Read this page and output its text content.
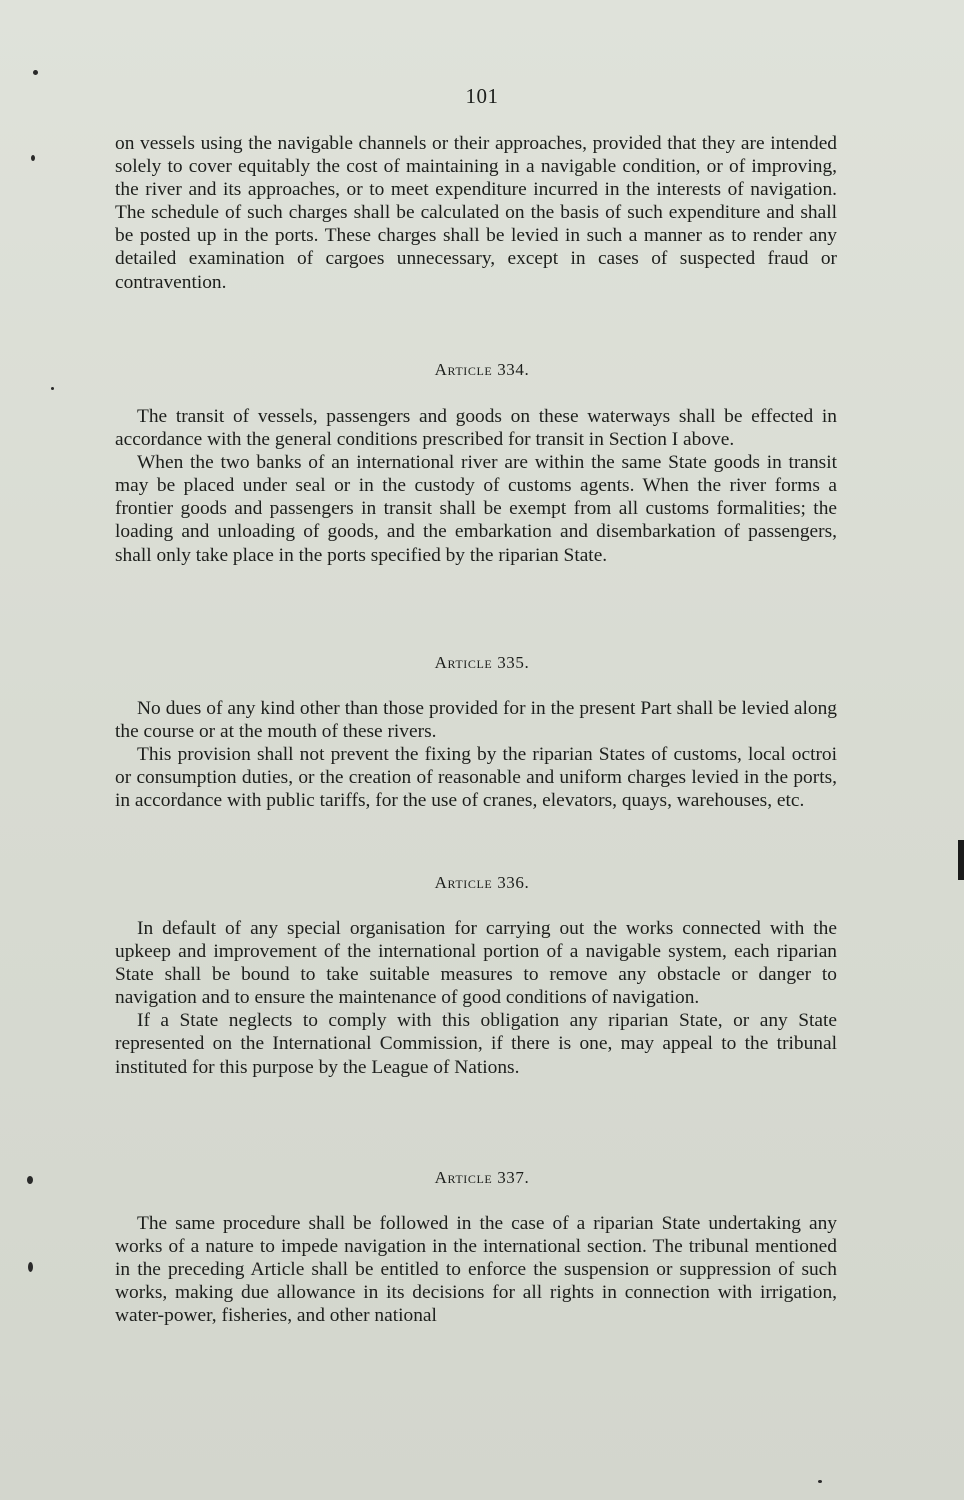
101

on vessels using the navigable channels or their approaches, provided that they are intended solely to cover equitably the cost of maintaining in a navigable condition, or of improving, the river and its approaches, or to meet expenditure incurred in the interests of navigation. The schedule of such charges shall be calculated on the basis of such expenditure and shall be posted up in the ports. These charges shall be levied in such a manner as to render any detailed examination of cargoes unnecessary, except in cases of suspected fraud or contravention.

Article 334.

The transit of vessels, passengers and goods on these waterways shall be effected in accordance with the general conditions prescribed for transit in Section I above.

When the two banks of an international river are within the same State goods in transit may be placed under seal or in the custody of customs agents. When the river forms a frontier goods and passengers in transit shall be exempt from all customs formalities; the loading and unloading of goods, and the embarkation and disembarkation of passengers, shall only take place in the ports specified by the riparian State.

Article 335.

No dues of any kind other than those provided for in the present Part shall be levied along the course or at the mouth of these rivers.

This provision shall not prevent the fixing by the riparian States of customs, local octroi or consumption duties, or the creation of reasonable and uniform charges levied in the ports, in accordance with public tariffs, for the use of cranes, elevators, quays, warehouses, etc.

Article 336.

In default of any special organisation for carrying out the works connected with the upkeep and improvement of the international portion of a navigable system, each riparian State shall be bound to take suitable measures to remove any obstacle or danger to navigation and to ensure the maintenance of good conditions of navigation.

If a State neglects to comply with this obligation any riparian State, or any State represented on the International Commission, if there is one, may appeal to the tribunal instituted for this purpose by the League of Nations.

Article 337.

The same procedure shall be followed in the case of a riparian State undertaking any works of a nature to impede navigation in the international section. The tribunal mentioned in the preceding Article shall be entitled to enforce the suspension or suppression of such works, making due allowance in its decisions for all rights in connection with irrigation, water-power, fisheries, and other national
